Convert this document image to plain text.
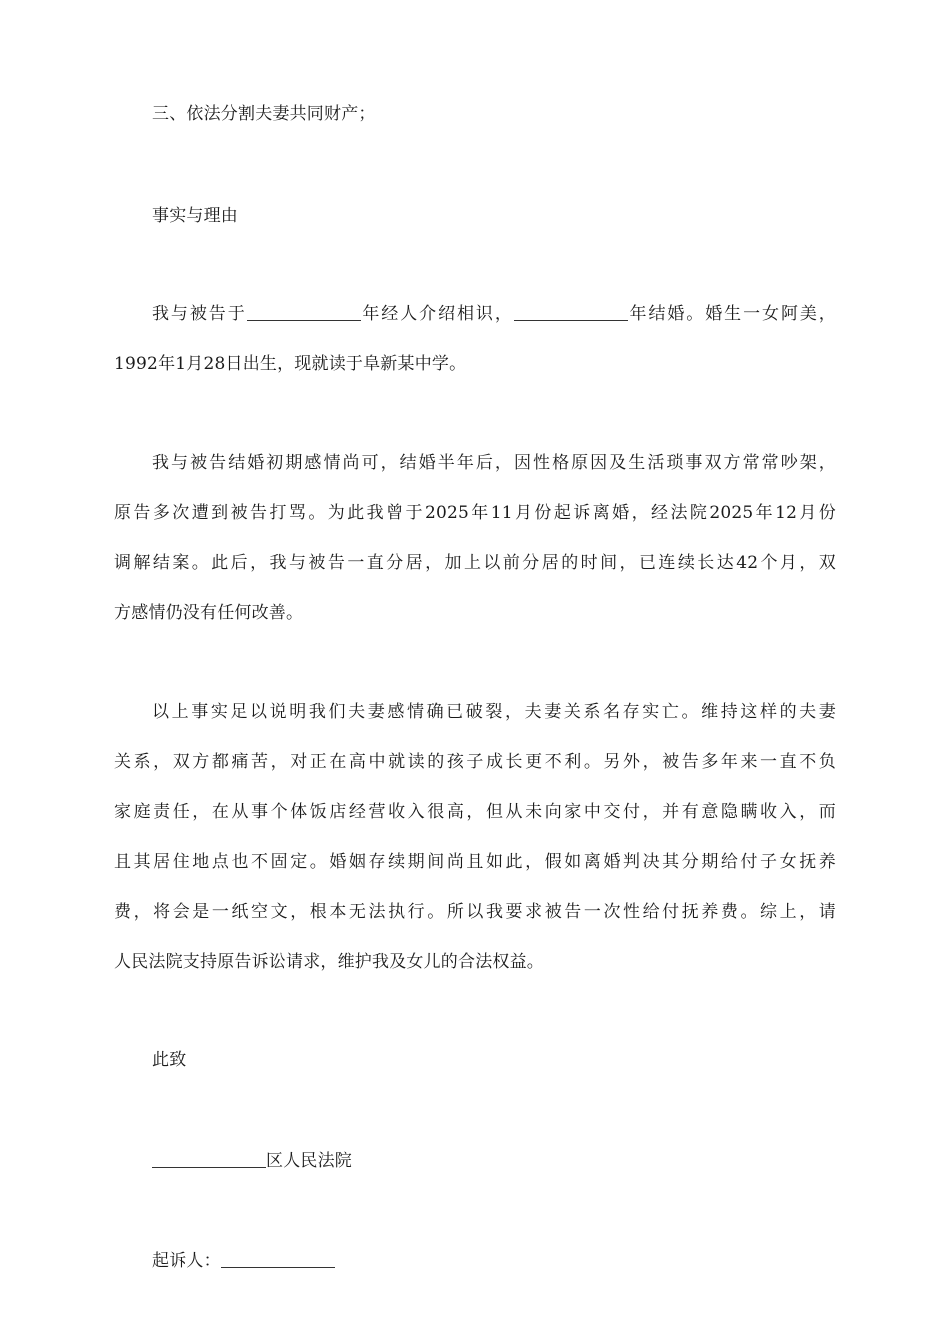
三、依法分割夫妻共同财产；
事实与理由
我与被告于	年经人介绍相识，	年结婚。婚生一女阿美，
1992年1月28日出生，现就读于阜新某中学。
我与被告结婚初期感情尚可，结婚半年后，因性格原因及生活琐事双方常常吵架，
原告多次遭到被告打骂。为此我曾于2025年11月份起诉离婚，经法院2025年12月份
调解结案。此后，我与被告一直分居，加上以前分居的时间，已连续长达42个月，双
方感情仍没有任何改善。
以上事实足以说明我们夫妻感情确已破裂，夫妻关系名存实亡。维持这样的夫妻
关系，双方都痛苦，对正在高中就读的孩子成长更不利。另外，被告多年来一直不负
家庭责任，在从事个体饭店经营收入很高，但从未向家中交付，并有意隐瞒收入，而
且其居住地点也不固定。婚姻存续期间尚且如此，假如离婚判决其分期给付子女抚养
费，将会是一纸空文，根本无法执行。所以我要求被告一次性给付抚养费。综上，请
人民法院支持原告诉讼请求，维护我及女儿的合法权益。
此致
区人民法院
起诉人：
